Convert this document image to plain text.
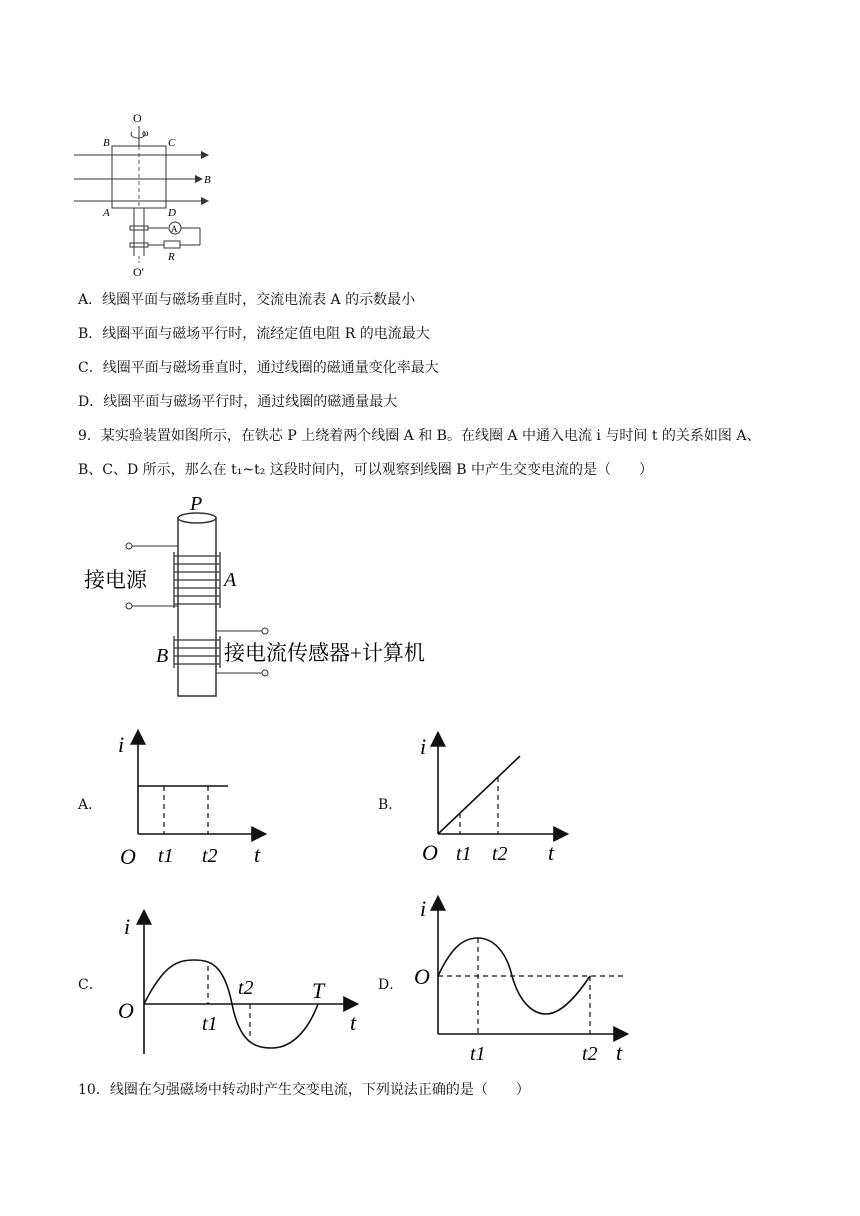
O
ω
B	C
B
A	D
A
R
O'
A．线圈平面与磁场垂直时，交流电流表 A 的示数最小
B．线圈平面与磁场平行时，流经定值电阻 R 的电流最大
C．线圈平面与磁场垂直时，通过线圈的磁通量变化率最大
D．线圈平面与磁场平行时，通过线圈的磁通量最大
9．某实验装置如图所示，在铁芯 P 上绕着两个线圈 A 和 B。在线圈 A 中通入电流 i 与时间 t 的关系如图 A、
B、C、D 所示，那么在 t₁~t₂ 这段时间内，可以观察到线圈 B 中产生交变电流的是（　　）
P
A
B
接电源
接电流传感器+计算机
A．
i
O t1 t2 t
B．
i
O t1 t2 t
C．
i
O
t1
t2	T
t
D．
i
O
t1	t2 t
10．线圈在匀强磁场中转动时产生交变电流，下列说法正确的是（　　）
